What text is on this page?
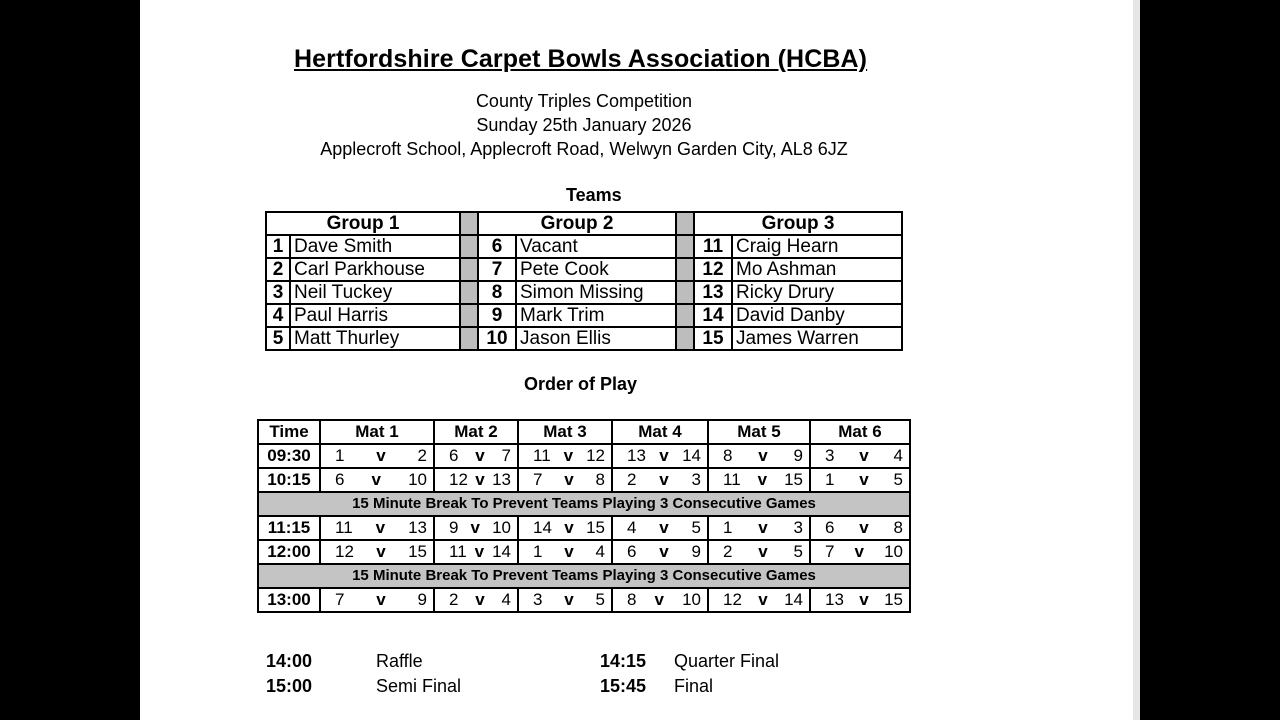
Hertfordshire Carpet Bowls Association (HCBA)
County Triples Competition
Sunday 25th January 2026
Applecroft School, Applecroft Road, Welwyn Garden City, AL8 6JZ
Teams
Group 1			Group 2			Group 3	
1	Dave Smith		6	Vacant		11	Craig Hearn
2	Carl Parkhouse		7	Pete Cook		12	Mo Ashman
3	Neil Tuckey		8	Simon Missing		13	Ricky Drury
4	Paul Harris		9	Mark Trim		14	David Danby
5	Matt Thurley		10	Jason Ellis		15	James Warren
Order of Play
Time	Mat 1	Mat 2	Mat 3	Mat 4	Mat 5	Mat 6
09:30	1 v 2	6 v 7	11 v 12	13 v 14	8 v 9	3 v 4

10:15	6 v 10	12 v 13	7 v 8	2 v 3	11 v 15	1 v 5

15 Minute Break To Prevent Teams Playing 3 Consecutive Games						
11:15	11 v 13	9 v 10	14 v 15	4 v 5	1 v 3	6 v 8

12:00	12 v 15	11 v 14	1 v 4	6 v 9	2 v 5	7 v 10

15 Minute Break To Prevent Teams Playing 3 Consecutive Games						
13:00	7 v 9	2 v 4	3 v 5	8 v 10	12 v 14	13 v 15
14:00	Raffle
15:00	Semi Final
14:15 Quarter Final
15:45 Final
